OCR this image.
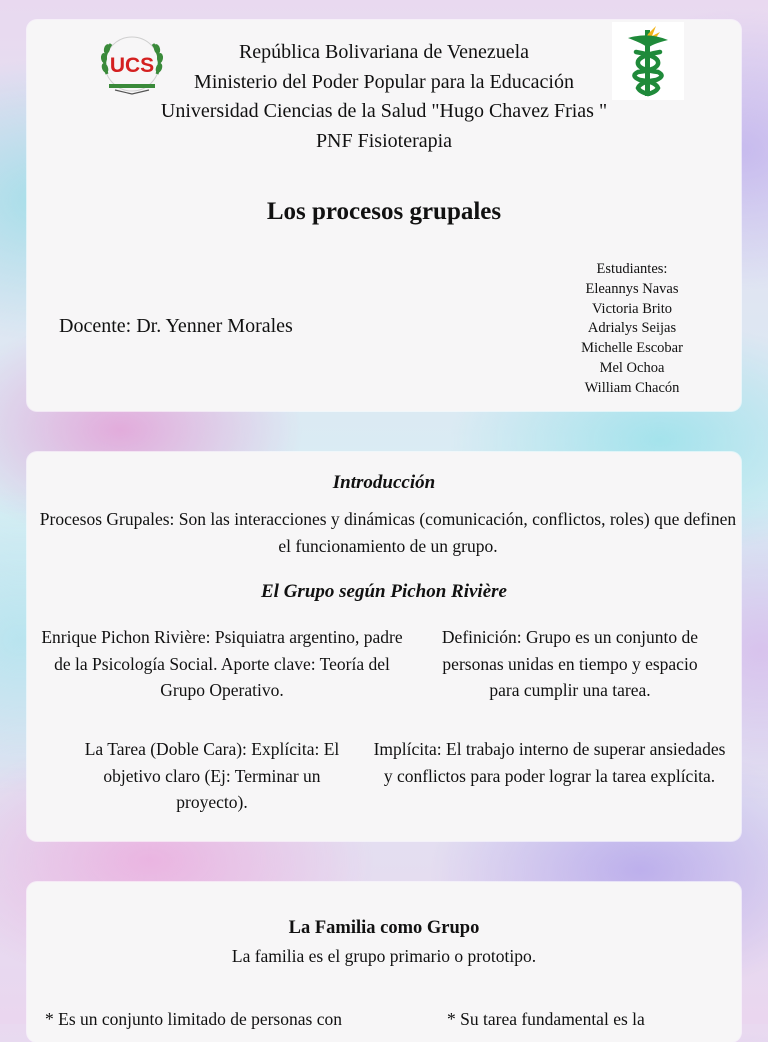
UCS
República Bolivariana de Venezuela
Ministerio del Poder Popular para la Educación
Universidad Ciencias de la Salud "Hugo Chavez Frias "
PNF Fisioterapia
Los procesos grupales
Docente: Dr. Yenner Morales
Estudiantes:
Eleannys Navas
Victoria Brito
Adrialys Seijas
Michelle Escobar
Mel Ochoa
William Chacón
Introducción
Procesos Grupales: Son las interacciones y dinámicas (comunicación, conflictos, roles) que definen el funcionamiento de un grupo.
El Grupo según Pichon Rivière
Enrique Pichon Rivière: Psiquiatra argentino, padre de la Psicología Social. Aporte clave: Teoría del Grupo Operativo.
Definición: Grupo es un conjunto de personas unidas en tiempo y espacio para cumplir una tarea.
La Tarea (Doble Cara): Explícita: El objetivo claro (Ej: Terminar un proyecto).
Implícita: El trabajo interno de superar ansiedades y conflictos para poder lograr la tarea explícita.
La Familia como Grupo
La familia es el grupo primario o prototipo.
* Es un conjunto limitado de personas con	* Su tarea fundamental es la
